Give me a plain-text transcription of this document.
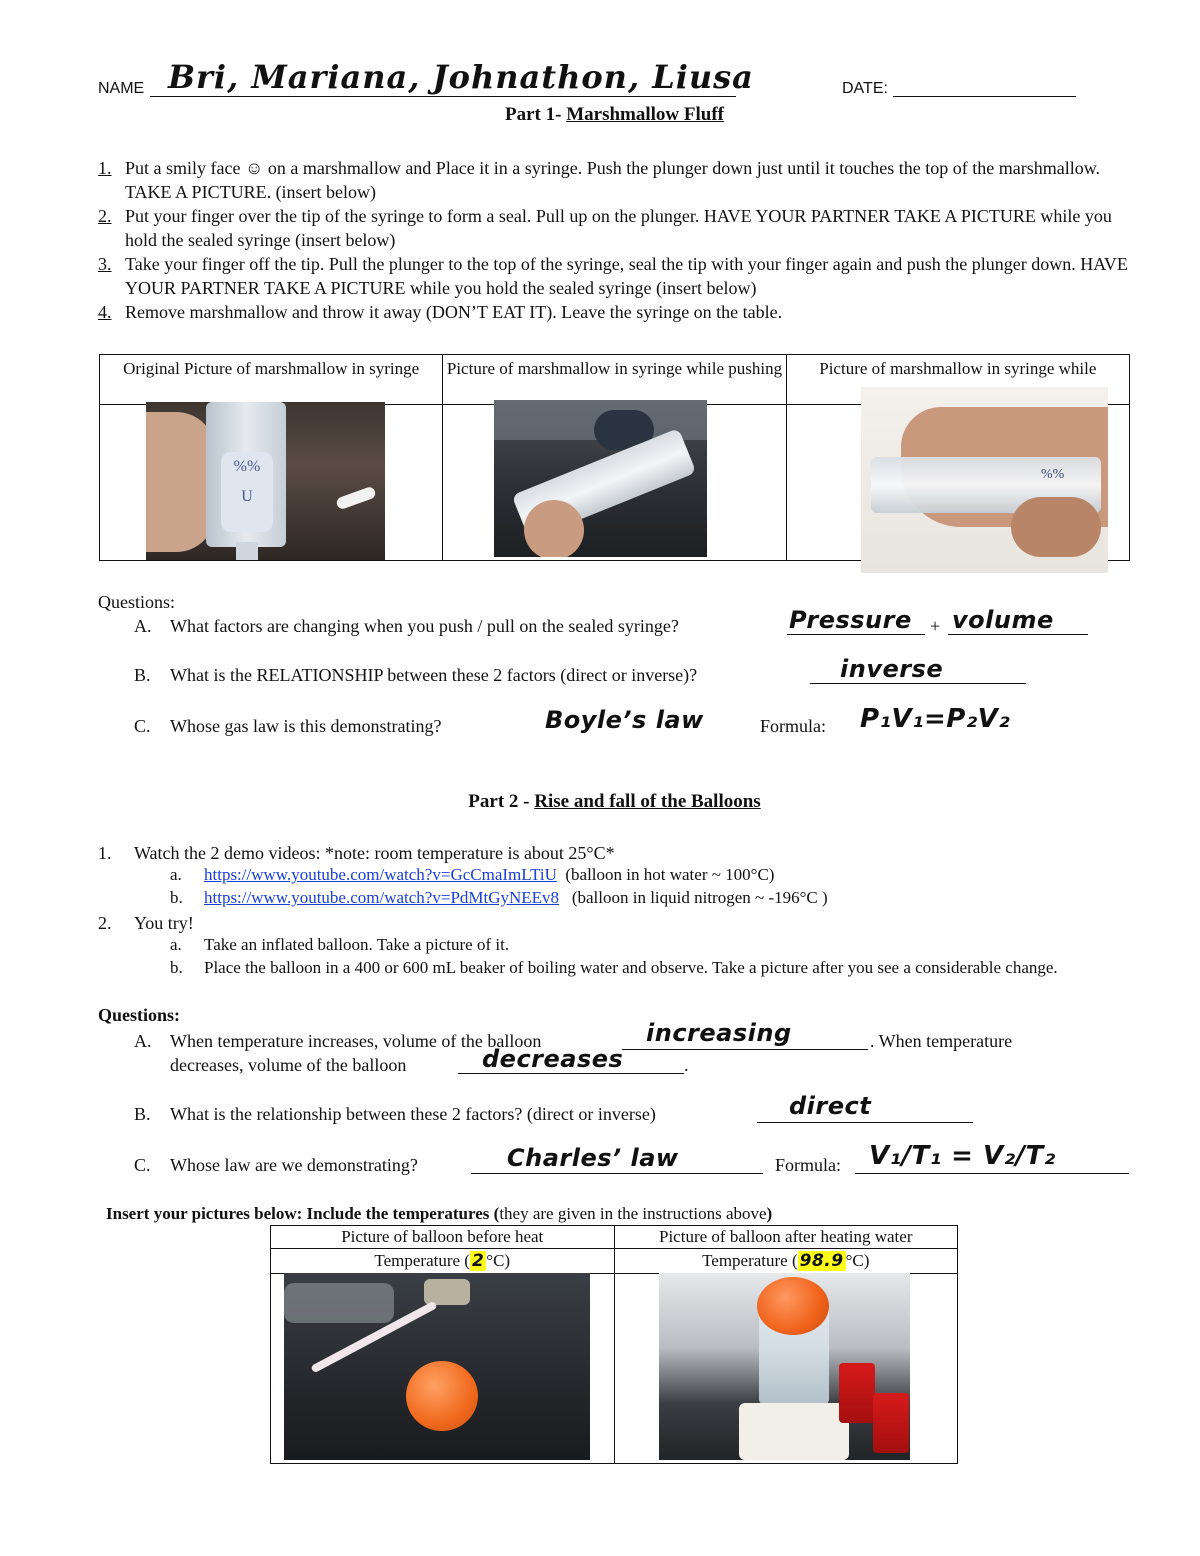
NAME Bri, Mariana, Johnathon, Liusa	DATE:
Part 1- Marshmallow Fluff
1. Put a smily face ☺ on a marshmallow and Place it in a syringe. Push the plunger down just until it touches the top of the marshmallow. TAKE A PICTURE. (insert below)
2. Put your finger over the tip of the syringe to form a seal. Pull up on the plunger. HAVE YOUR PARTNER TAKE A PICTURE while you hold the sealed syringe (insert below)
3. Take your finger off the tip. Pull the plunger to the top of the syringe, seal the tip with your finger again and push the plunger down. HAVE YOUR PARTNER TAKE A PICTURE while you hold the sealed syringe (insert below)
4. Remove marshmallow and throw it away (DON’T EAT IT). Leave the syringe on the table.
Original Picture of marshmallow in syringe	Picture of marshmallow in syringe while pushing	Picture of marshmallow in syringe while

%%
U
%%
Questions:
A. What factors are changing when you push / pull on the sealed syringe?	Pressure + volume
B. What is the RELATIONSHIP between these 2 factors (direct or inverse)?	inverse
C. Whose gas law is this demonstrating?	Boyle’s law	Formula: P₁V₁=P₂V₂
Part 2 - Rise and fall of the Balloons
1. Watch the 2 demo videos: *note: room temperature is about 25°C*
a. https://www.youtube.com/watch?v=GcCmaImLTiU (balloon in hot water ~ 100°C)
b. https://www.youtube.com/watch?v=PdMtGyNEEv8 (balloon in liquid nitrogen ~ -196°C )
2. You try!
a. Take an inflated balloon. Take a picture of it.
b. Place the balloon in a 400 or 600 mL beaker of boiling water and observe. Take a picture after you see a considerable change.
Questions:
A. When temperature increases, volume of the balloon	increasing	. When temperature
decreases, volume of the balloon	decreases	.
B. What is the relationship between these 2 factors? (direct or inverse)	direct
C. Whose law are we demonstrating?	Charles’ law	Formula: V₁/T₁ = V₂/T₂
Insert your pictures below: Include the temperatures (they are given in the instructions above)
Picture of balloon before heat	Picture of balloon after heating water

Temperature ( 2 °C)	Temperature ( 98.9 °C)
